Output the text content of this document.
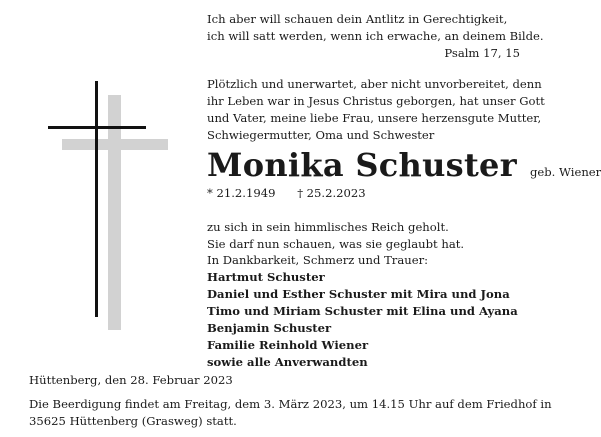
Ich aber will schauen dein Antlitz in Gerechtigkeit,
ich will satt werden, wenn ich erwache, an deinem Bilde.
Psalm 17, 15
Plötzlich und unerwartet, aber nicht unvorbereitet, denn
ihr Leben war in Jesus Christus geborgen, hat unser Gott
und Vater, meine liebe Frau, unsere herzensgute Mutter,
Schwiegermutter, Oma und Schwester
Monika Schuster geb. Wiener
* 21.2.1949 † 25.2.2023
zu sich in sein himmlisches Reich geholt.
Sie darf nun schauen, was sie geglaubt hat.
In Dankbarkeit, Schmerz und Trauer:
Hartmut Schuster
Daniel und Esther Schuster mit Mira und Jona
Timo und Miriam Schuster mit Elina und Ayana
Benjamin Schuster
Familie Reinhold Wiener
sowie alle Anverwandten
Hüttenberg, den 28. Februar 2023
Die Beerdigung findet am Freitag, dem 3. März 2023, um 14.15 Uhr auf dem Friedhof in
35625 Hüttenberg (Grasweg) statt.
